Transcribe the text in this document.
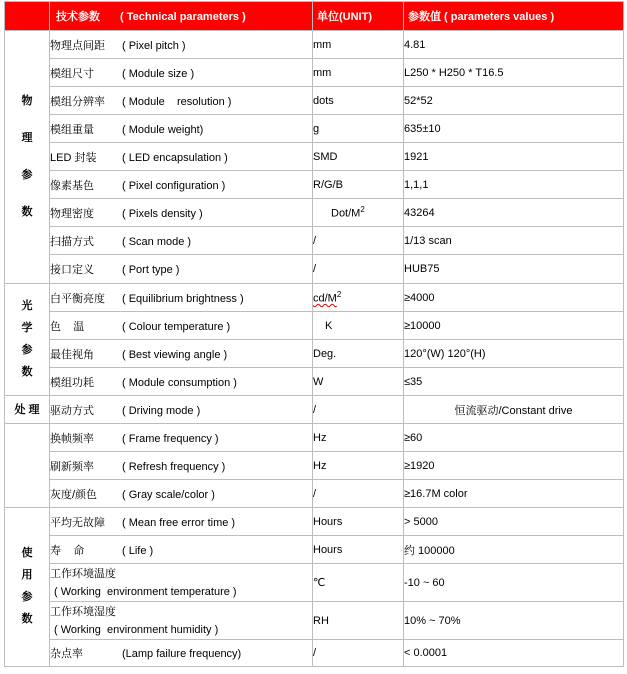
	技术参数 ( Technical parameters )	单位(UNIT)	参数值 ( parameters values )
物 理 参 数	物理点间距 ( Pixel pitch )	mm	4.81
	模组尺寸 ( Module size )	mm	L250 * H250 * T16.5
	模组分辨率 ( Module    resolution )	dots	52*52
	模组重量 ( Module weight)	g	635±10
	LED 封装 ( LED encapsulation )	SMD	1921
	像素基色 ( Pixel configuration )	R/G/B	1,1,1
	物理密度 ( Pixels density )	Dot/$M^2$	43264
	扫描方式 ( Scan mode )	/	1/13 scan
	接口定义 ( Port type )	/	HUB75
光 学 参 数	白平衡亮度 ( Equilibrium brightness )	$cd/M^2$	≥4000
	色    温 ( Colour temperature )	K	≥10000
	最佳视角 ( Best viewing angle )	Deg.	120°(W) 120°(H)
	模组功耗 ( Module consumption )	W	≤35

处 理	驱动方式 ( Driving mode )	/	恒流驱动/Constant drive
	换帧频率 ( Frame frequency )	Hz	≥60
	刷新频率 ( Refresh frequency )	Hz	≥1920
	灰度/颜色 ( Gray scale/color )	/	≥16.7M color
使 用 参 数	平均无故障 ( Mean free error time )	Hours	> 5000
	寿    命 ( Life )	Hours	约 100000

	工作环境温度
( Working  environment temperature )	℃	-10 ~ 60

	工作环境湿度
( Working  environment humidity )	RH	10% ~ 70%
	杂点率 (Lamp failure frequency)	/	< 0.0001
